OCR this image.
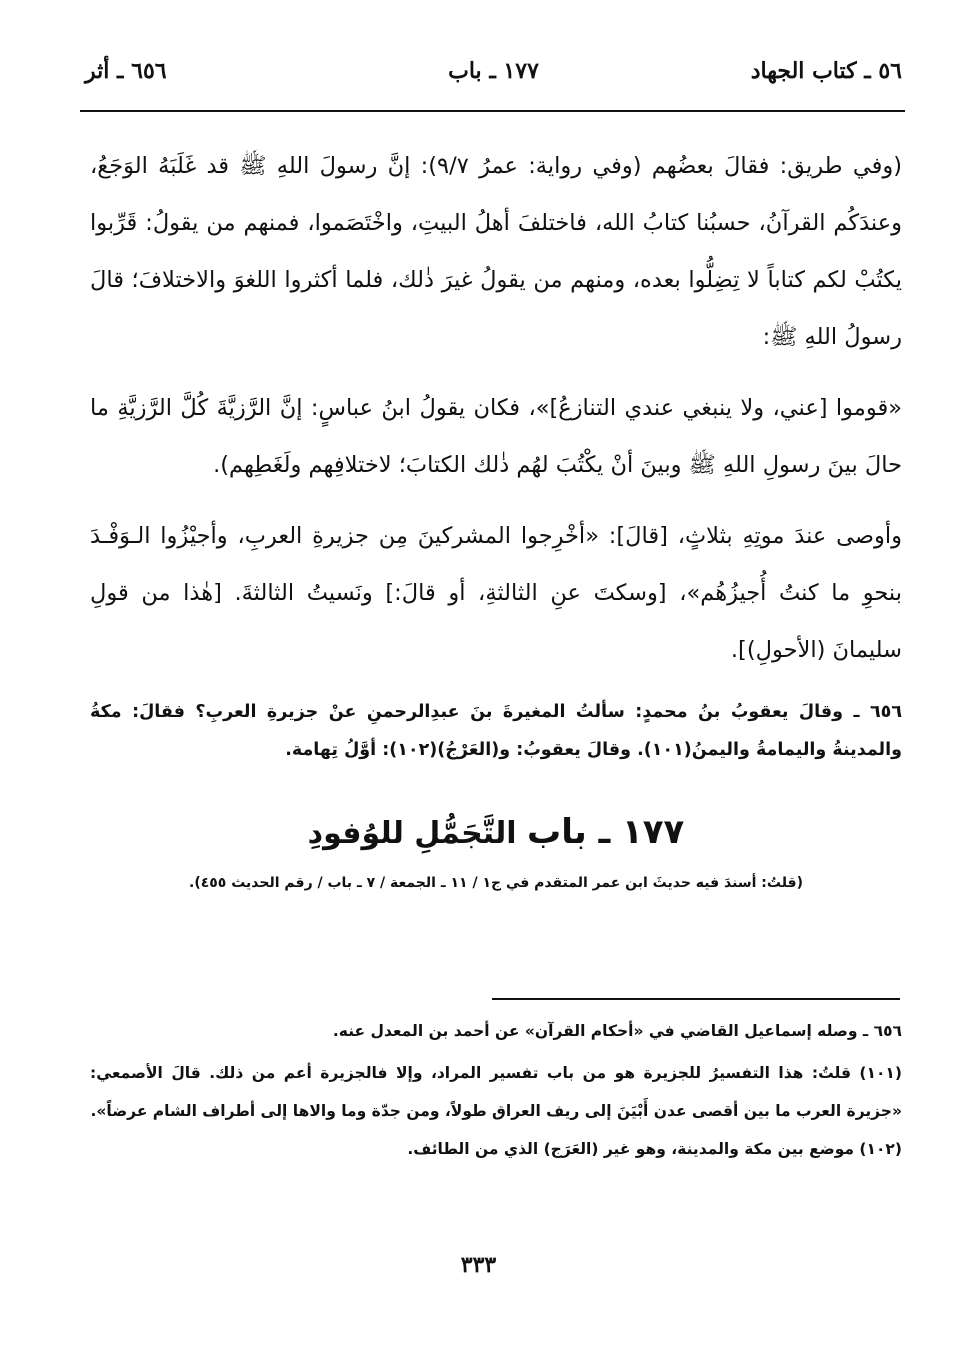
٥٦ ـ كتاب الجهاد
١٧٧ ـ باب
٦٥٦ ـ أثر

(وفي طريق: فقالَ بعضُهم (وفي رواية: عمرُ ٩/٧): إنَّ رسولَ اللهِ ﷺ قد غَلَبَهُ الوَجَعُ، وعندَكُم القرآنُ، حسبُنا كتابُ الله، فاختلفَ أهلُ البيتِ، واخْتَصَموا، فمنهم من يقولُ: قَرِّبوا يكتُبْ لكم كتاباً لا تِضِلُّوا بعده، ومنهم من يقولُ غيرَ ذٰلك، فلما أكثروا اللغوَ والاختلافَ؛ قالَ رسولُ اللهِ ﷺ:

«قوموا [عني، ولا ينبغي عندي التنازعُ]»، فكان يقولُ ابنُ عباسٍ: إنَّ الرَّزيَّةَ كُلَّ الرَّزيَّةِ ما حالَ بينَ رسولِ اللهِ ﷺ وبينَ أنْ يكْتُبَ لهُم ذٰلك الكتابَ؛ لاختلافِهم ولَغَطِهم).

وأوصى عندَ موتِهِ بثلاثٍ، [قالَ]: «أخْرِجوا المشركينَ مِن جزيرةِ العربِ، وأجيْزُوا الـوَفْـدَ بنحوِ ما كنتُ أُجيزُهُم»، [وسكتَ عنِ الثالثةِ، أو قالَ:] ونَسيتُ الثالثةَ. [هٰذا من قولِ سليمانَ (الأحولِ)].

٦٥٦ ـ وقالَ يعقوبُ بنُ محمدٍ: سألتُ المغيرةَ بنَ عبدِالرحمنِ عنْ جزيرةِ العربِ؟ فقالَ: مكةُ والمدينةُ واليمامةُ واليمنُ(١٠١). وقالَ يعقوبُ: و(العَرْجُ)(١٠٢): أوَّلُ تِهامة.

١٧٧ ـ باب التَّجَمُّلِ للوُفودِ

(قلتُ: أسندَ فيه حديثَ ابن عمر المتقدم في ج١ / ١١ ـ الجمعة / ٧ ـ باب / رقم الحديث ٤٥٥).

٦٥٦ ـ وصله إسماعيل القاضي في «أحكام القرآن» عن أحمد بن المعدل عنه.

(١٠١) قلتُ: هذا التفسيرُ للجزيرة هو من باب تفسير المراد، وإلا فالجزيرة أعم من ذلك. قالَ الأصمعي: «جزيرة العرب ما بين أقصى عدن أَبْيَنَ إلى ريف العراق طولاً، ومن جدّة وما والاها إلى أطراف الشام عرضاً».

(١٠٢) موضع بين مكة والمدينة، وهو غير (العَرَج) الذي من الطائف.

٣٣٣
